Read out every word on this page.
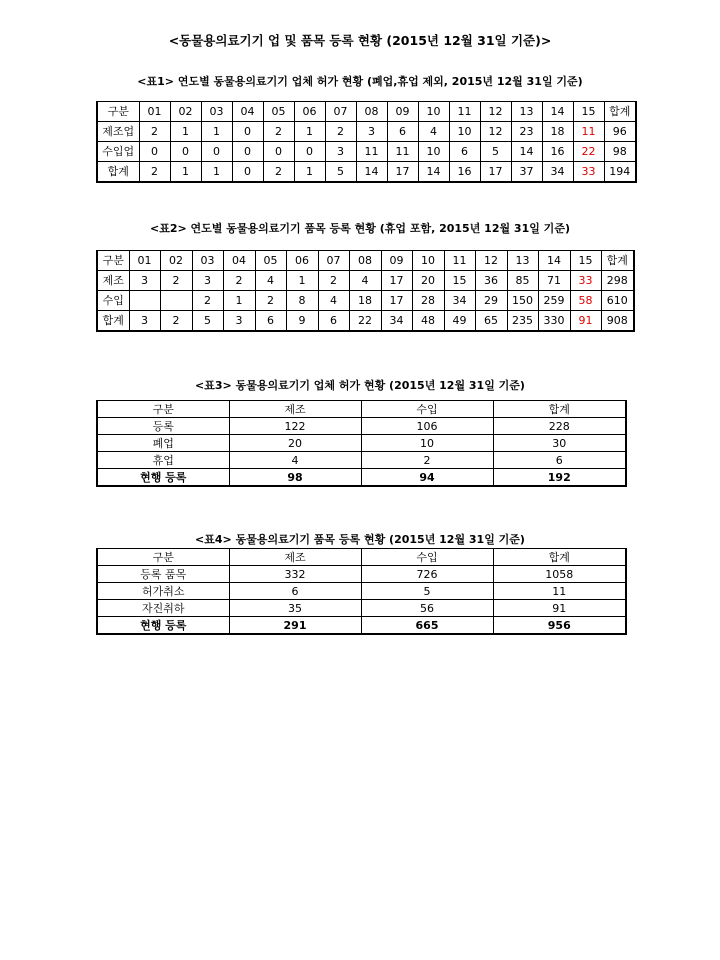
<동물용의료기기 업 및 품목 등록 현황 (2015년 12월 31일 기준)>
<표1> 연도별 동물용의료기기 업체 허가 현황 (폐업,휴업 제외, 2015년 12월 31일 기준)
구분	01	02	03	04	05	06	07	08	09	10	11	12	13	14	15	합계
제조업	2	1	1	0	2	1	2	3	6	4	10	12	23	18	11	96
수입업	0	0	0	0	0	0	3	11	11	10	6	5	14	16	22	98
합계	2	1	1	0	2	1	5	14	17	14	16	17	37	34	33	194
<표2> 연도별 동물용의료기기 품목 등록 현황 (휴업 포함, 2015년 12월 31일 기준)
구분	01	02	03	04	05	06	07	08	09	10	11	12	13	14	15	합계
제조	3	2	3	2	4	1	2	4	17	20	15	36	85	71	33	298
수입			2	1	2	8	4	18	17	28	34	29	150	259	58	610
합계	3	2	5	3	6	9	6	22	34	48	49	65	235	330	91	908
<표3> 동물용의료기기 업체 허가 현황 (2015년 12월 31일 기준)
구분	제조	수입	합계
등록	122	106	228
폐업	20	10	30
휴업	4	2	6
현행 등록	98	94	192
<표4> 동물용의료기기 품목 등록 현황 (2015년 12월 31일 기준)
구분	제조	수입	합계
등록 품목	332	726	1058
허가취소	6	5	11
자진취하	35	56	91
현행 등록	291	665	956
